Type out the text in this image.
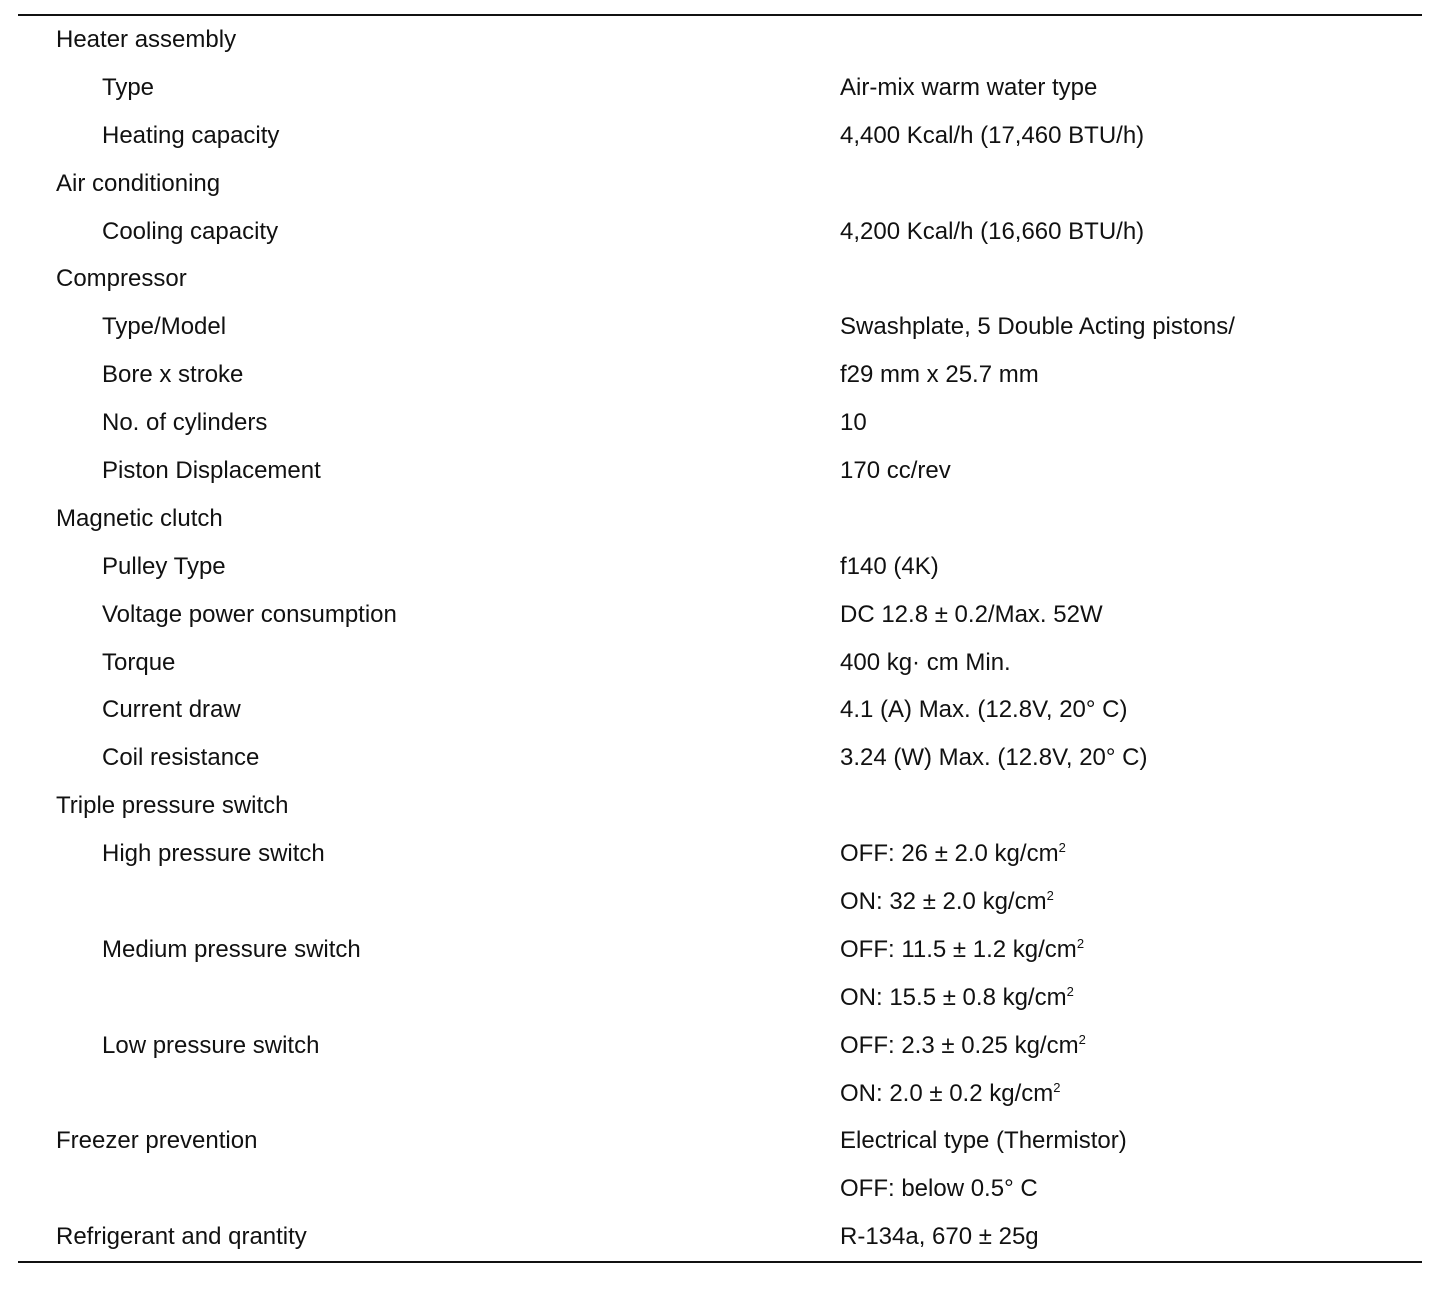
Heater assembly
Type	Air-mix warm water type
Heating capacity	4,400 Kcal/h (17,460 BTU/h)
Air conditioning
Cooling capacity	4,200 Kcal/h (16,660 BTU/h)
Compressor
Type/Model	Swashplate, 5 Double Acting pistons/
Bore x stroke	f29 mm x 25.7 mm
No. of cylinders	10
Piston Displacement	170 cc/rev
Magnetic clutch
Pulley Type	f140 (4K)
Voltage power consumption	DC 12.8 ± 0.2/Max. 52W
Torque	400 kg· cm Min.
Current draw	4.1 (A) Max. (12.8V, 20° C)
Coil resistance	3.24 (W) Max. (12.8V, 20° C)
Triple pressure switch
High pressure switch	OFF: 26 ± 2.0 $kg/cm^2$
ON: 32 ± 2.0 $kg/cm^2$
Medium pressure switch	OFF: 11.5 ± 1.2 $kg/cm^2$
ON: 15.5 ± 0.8 $kg/cm^2$
Low pressure switch	OFF: 2.3 ± 0.25 $kg/cm^2$
ON: 2.0 ± 0.2 $kg/cm^2$
Freezer prevention	Electrical type (Thermistor)
OFF: below 0.5° C
Refrigerant and qrantity	R-134a, 670 ± 25g
